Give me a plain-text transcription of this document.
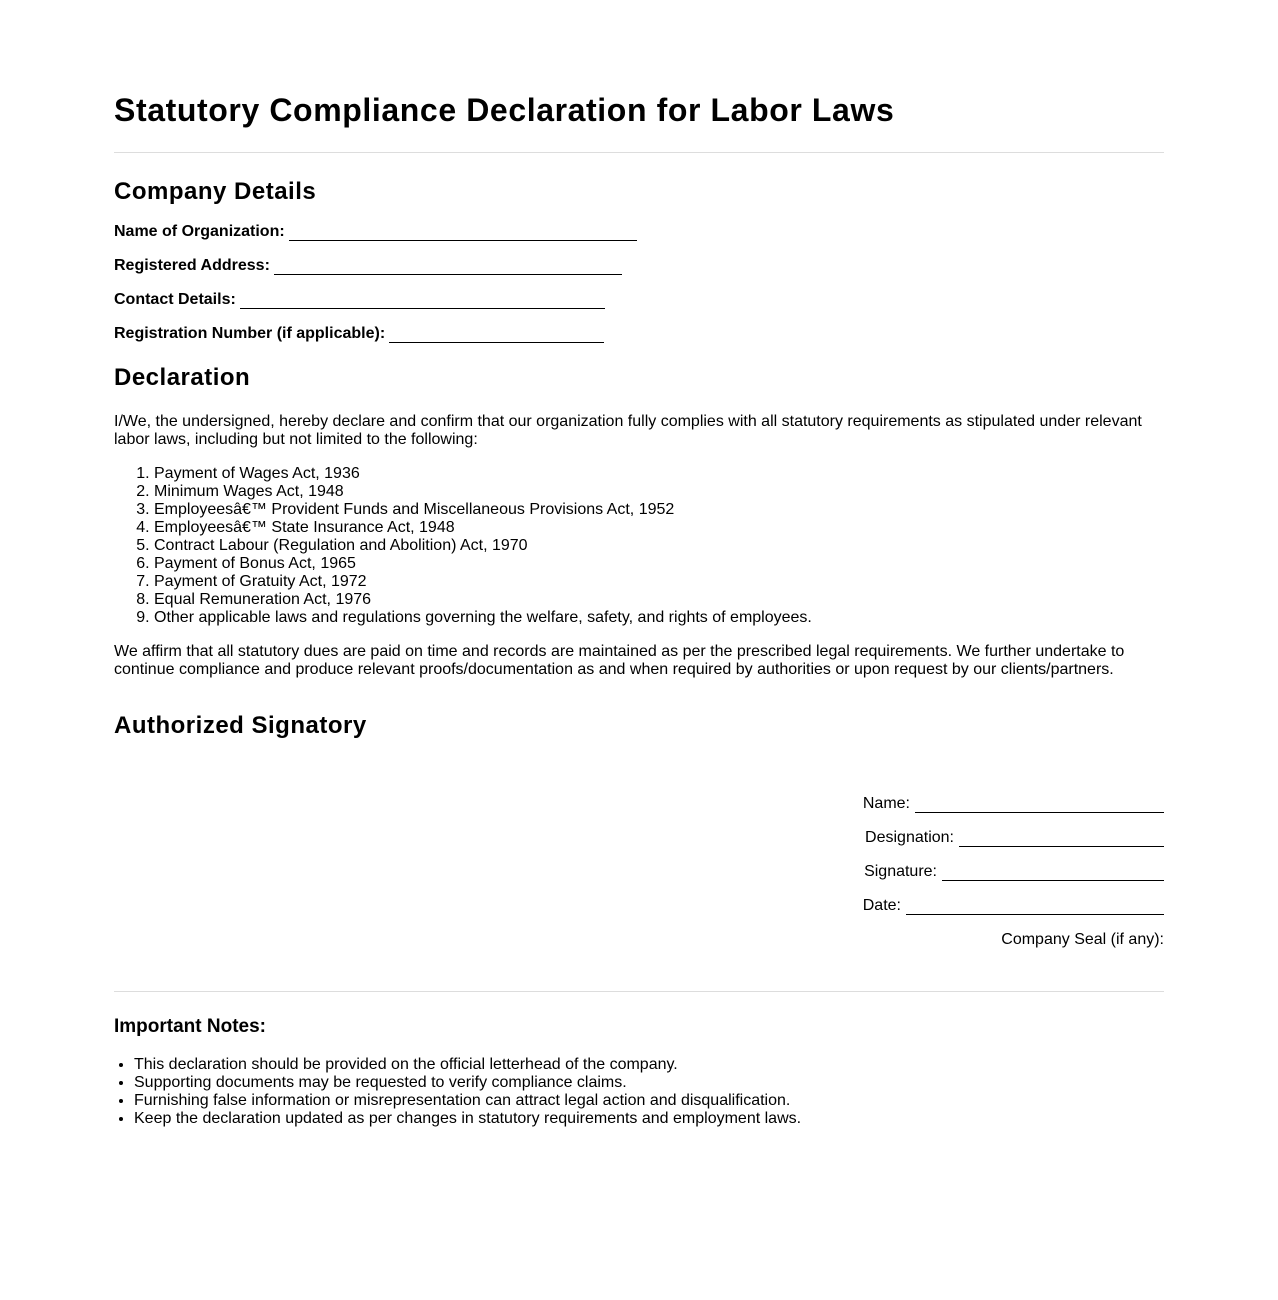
Statutory Compliance Declaration for Labor Laws
Company Details
Name of Organization:
Registered Address:
Contact Details:
Registration Number (if applicable):
Declaration

I/We, the undersigned, hereby declare and confirm that our organization fully complies with all statutory requirements as stipulated under relevant labor laws, including but not limited to the following:

1. Payment of Wages Act, 1936
2. Minimum Wages Act, 1948
3. Employeesâ€™ Provident Funds and Miscellaneous Provisions Act, 1952
4. Employeesâ€™ State Insurance Act, 1948
5. Contract Labour (Regulation and Abolition) Act, 1970
6. Payment of Bonus Act, 1965
7. Payment of Gratuity Act, 1972
8. Equal Remuneration Act, 1976
9. Other applicable laws and regulations governing the welfare, safety, and rights of employees.

We affirm that all statutory dues are paid on time and records are maintained as per the prescribed legal requirements. We further undertake to continue compliance and produce relevant proofs/documentation as and when required by authorities or upon request by our clients/partners.

Authorized Signatory
Name:
Designation:
Signature:
Date:
Company Seal (if any):
Important Notes:
• This declaration should be provided on the official letterhead of the company.
• Supporting documents may be requested to verify compliance claims.
• Furnishing false information or misrepresentation can attract legal action and disqualification.
• Keep the declaration updated as per changes in statutory requirements and employment laws.
